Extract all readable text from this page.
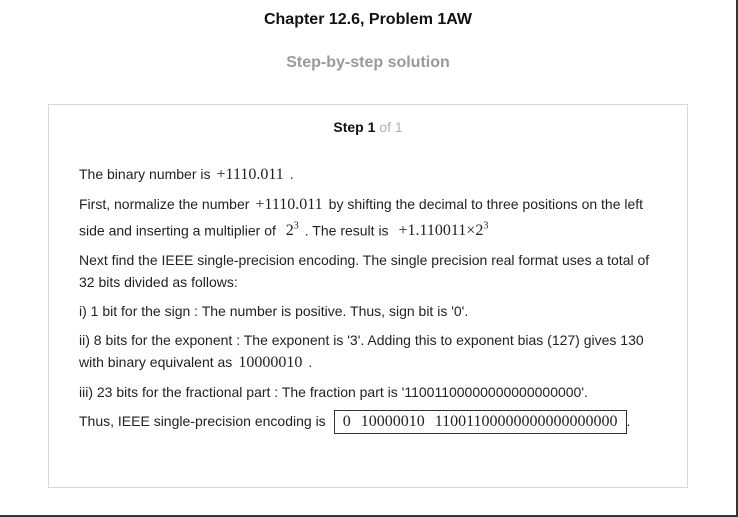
Chapter 12.6, Problem 1AW
Step-by-step solution
Step 1 of 1

The binary number is +1110.011 .

First, normalize the number +1110.011 by shifting the decimal to three positions on the left side and inserting a multiplier of $2^3$ . The result is $+1.110011\times 2^3$

Next find the IEEE single-precision encoding. The single precision real format uses a total of 32 bits divided as follows:

i) 1 bit for the sign : The number is positive. Thus, sign bit is '0'.

ii) 8 bits for the exponent : The exponent is '3'. Adding this to exponent bias (127) gives 130 with binary equivalent as 10000010 .

iii) 23 bits for the fractional part : The fraction part is '11001100000000000000000'.

Thus, IEEE single-precision encoding is 0 10000010 11001100000000000000000 .
